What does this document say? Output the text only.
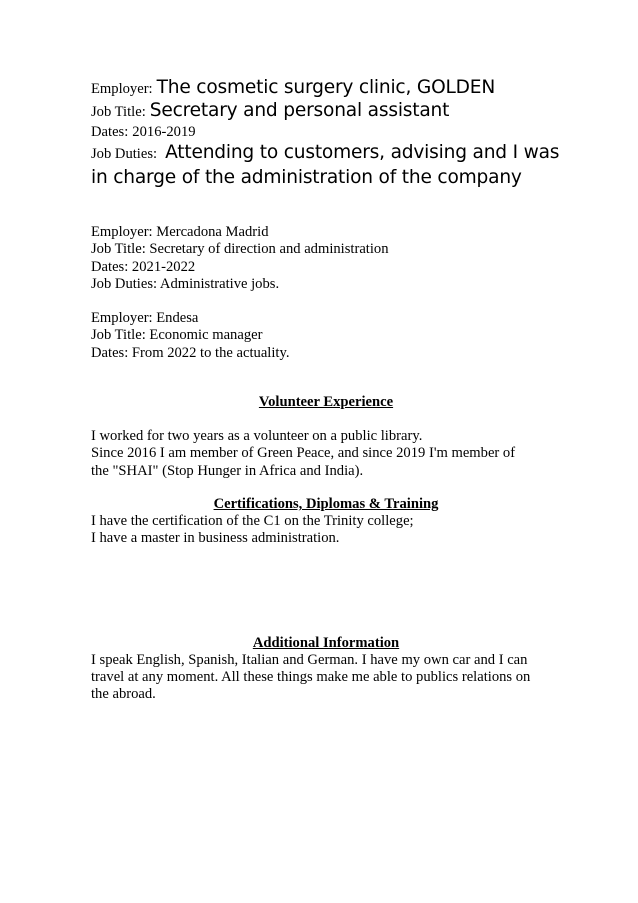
Employer: The cosmetic surgery clinic, GOLDEN
Job Title: Secretary and personal assistant
Dates: 2016-2019
Job Duties: Attending to customers, advising and I was in charge of the administration of the company
Employer: Mercadona Madrid
Job Title: Secretary of direction and administration
Dates: 2021-2022
Job Duties: Administrative jobs.
Employer: Endesa
Job Title: Economic manager
Dates: From 2022 to the actuality.
Volunteer Experience
I worked for two years as a volunteer on a public library.
Since 2016 I am member of Green Peace, and since 2019 I'm member of
the "SHAI" (Stop Hunger in Africa and India).
Certifications, Diplomas & Training
I have the certification of the C1 on the Trinity college;
I have a master in business administration.
Additional Information
I speak English, Spanish, Italian and German. I have my own car and I can
travel at any moment. All these things make me able to publics relations on
the abroad.
